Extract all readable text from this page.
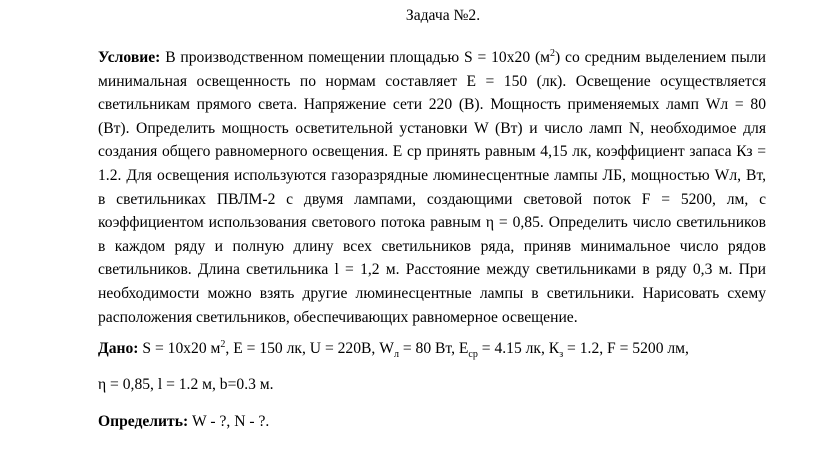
Задача №2.
Условие: В производственном помещении площадью S = 10х20 $(м^2)$ со средним выделением пыли минимальная освещенность по нормам составляет Е = 150 (лк). Освещение осуществляется светильникам прямого света. Напряжение сети 220 (В). Мощность применяемых ламп Wл = 80 (Вт). Определить мощность осветительной установки W (Вт) и число ламп N, необходимое для создания общего равномерного освещения. Е ср принять равным 4,15 лк, коэффициент запаса Кз = 1.2. Для освещения используются газоразрядные люминесцентные лампы ЛБ, мощностью Wл, Вт, в светильниках ПВЛМ-2 с двумя лампами, создающими световой поток F = 5200, лм, с коэффициентом использования светового потока равным η = 0,85. Определить число светильников в каждом ряду и полную длину всех светильников ряда, приняв минимальное число рядов светильников. Длина светильника l = 1,2 м. Расстояние между светильниками в ряду 0,3 м. При необходимости можно взять другие люминесцентные лампы в светильники. Нарисовать схему расположения светильников, обеспечивающих равномерное освещение.
Дано: S = 10х20 $м^2$, Е = 150 лк, U = 220В, $W_л = 80$ Вт, $Е_{ср} = 4.15$ лк, $К_з = 1.2$, F = 5200 лм,
η = 0,85, l = 1.2 м, b=0.3 м.
Определить: W - ?, N - ?.
